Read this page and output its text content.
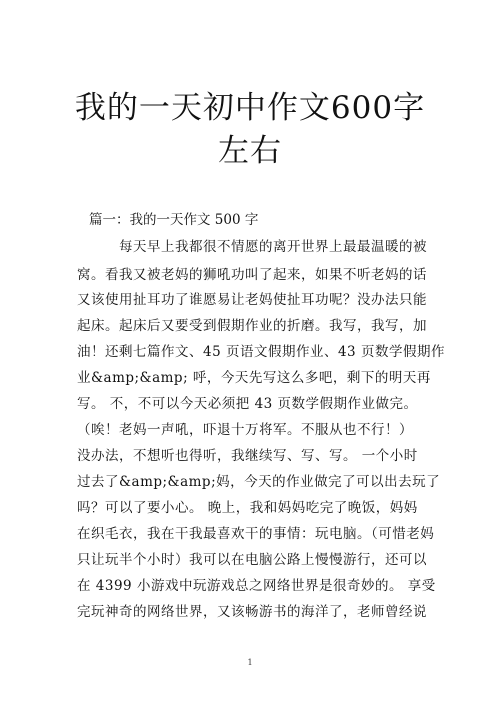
我的一天初中作文600字
左右
篇一：我的一天作文 500 字
每天早上我都很不情愿的离开世界上最最温暖的被
窝。看我又被老妈的狮吼功叫了起来，如果不听老妈的话
又该使用扯耳功了谁愿易让老妈使扯耳功呢？没办法只能
起床。起床后又要受到假期作业的折磨。我写，我写，加
油！还剩七篇作文、45 页语文假期作业、43 页数学假期作
业&amp;&amp; 呼，今天先写这么多吧，剩下的明天再
写。 不，不可以今天必须把 43 页数学假期作业做完。
（唉！老妈一声吼，吓退十万将军。不服从也不行！）
没办法，不想听也得听，我继续写、写、写。 一个小时
过去了&amp;&amp;妈，今天的作业做完了可以出去玩了
吗？可以了要小心。 晚上，我和妈妈吃完了晚饭，妈妈
在织毛衣，我在干我最喜欢干的事情：玩电脑。（可惜老妈
只让玩半个小时）我可以在电脑公路上慢慢游行，还可以
在 4399 小游戏中玩游戏总之网络世界是很奇妙的。 享受
完玩神奇的网络世界，又该畅游书的海洋了，老师曾经说
1
